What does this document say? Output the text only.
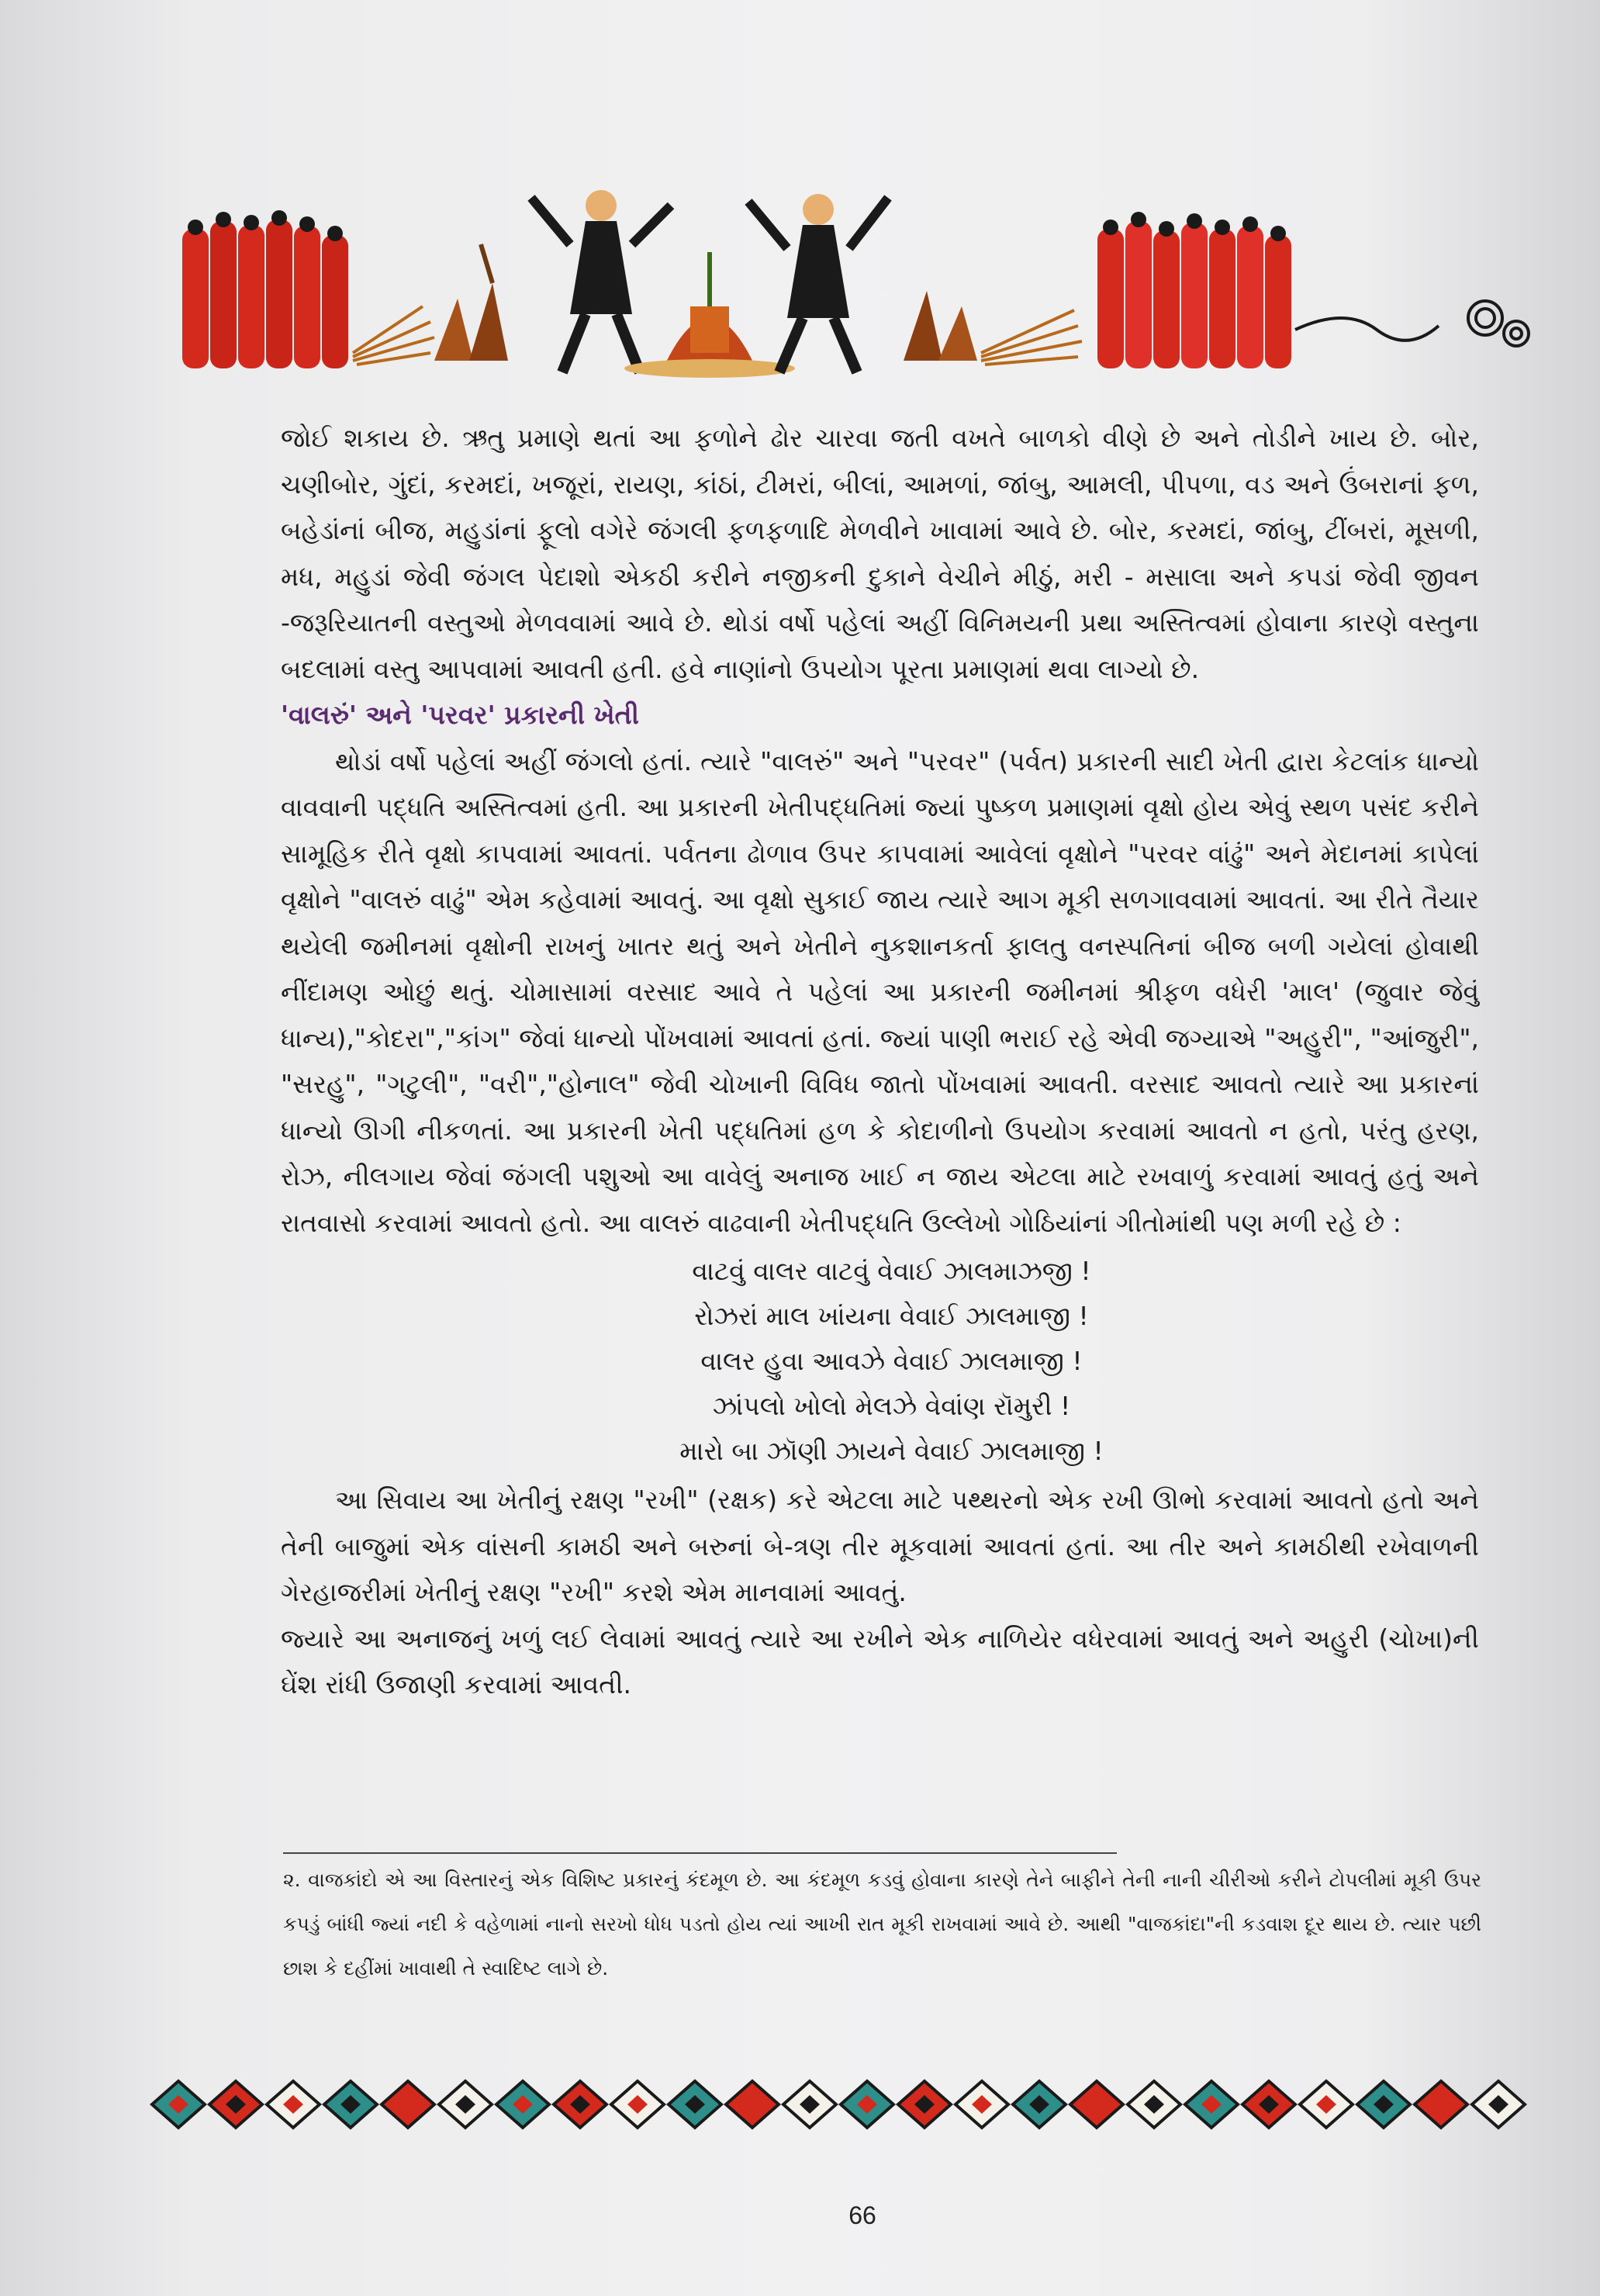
જોઈ શકાય છે. ઋતુ પ્રમાણે થતાં આ ફળોને ઢોર ચારવા જતી વખતે બાળકો વીણે છે અને તોડીને ખાય છે. બોર, ચણીબોર, ગુંદાં, કરમદાં, ખજૂરાં, રાયણ, કાંઠાં, ટીમરાં, બીલાં, આમળાં, જાંબુ, આમલી, પીપળા, વડ અને ઉંબરાનાં ફળ, બહેડાંનાં બીજ, મહુડાંનાં ફૂલો વગેરે જંગલી ફળફળાદિ મેળવીને ખાવામાં આવે છે. બોર, કરમદાં, જાંબુ, ટીંબરાં, મૂસળી, મધ, મહુડાં જેવી જંગલ પેદાશો એકઠી કરીને નજીકની દુકાને વેચીને મીઠું, મરી - મસાલા અને કપડાં જેવી જીવન -જરૂરિયાતની વસ્તુઓ મેળવવામાં આવે છે. થોડાં વર્ષો પહેલાં અહીં વિનિમયની પ્રથા અસ્તિત્વમાં હોવાના કારણે વસ્તુના બદલામાં વસ્તુ આપવામાં આવતી હતી. હવે નાણાંનો ઉપયોગ પૂરતા પ્રમાણમાં થવા લાગ્યો છે.

'વાલરું' અને 'પરવર' પ્રકારની ખેતી

થોડાં વર્ષો પહેલાં અહીં જંગલો હતાં. ત્યારે "વાલરું" અને "પરવર" (પર્વત) પ્રકારની સાદી ખેતી દ્વારા કેટલાંક ધાન્યો વાવવાની પદ્ધતિ અસ્તિત્વમાં હતી. આ પ્રકારની ખેતીપદ્ધતિમાં જ્યાં પુષ્કળ પ્રમાણમાં વૃક્ષો હોય એવું સ્થળ પસંદ કરીને સામૂહિક રીતે વૃક્ષો કાપવામાં આવતાં. પર્વતના ઢોળાવ ઉપર કાપવામાં આવેલાં વૃક્ષોને "પરવર વાંઢું" અને મેદાનમાં કાપેલાં વૃક્ષોને "વાલરું વાઢું" એમ કહેવામાં આવતું. આ વૃક્ષો સુકાઈ જાય ત્યારે આગ મૂકી સળગાવવામાં આવતાં. આ રીતે તૈયાર થયેલી જમીનમાં વૃક્ષોની રાખનું ખાતર થતું અને ખેતીને નુકશાનકર્તા ફાલતુ વનસ્પતિનાં બીજ બળી ગયેલાં હોવાથી નીંદામણ ઓછું થતું. ચોમાસામાં વરસાદ આવે તે પહેલાં આ પ્રકારની જમીનમાં શ્રીફળ વધેરી 'માલ' (જુવાર જેવું ધાન્ય),"કોદરા","કાંગ" જેવાં ધાન્યો પોંખવામાં આવતાં હતાં. જ્યાં પાણી ભરાઈ રહે એવી જગ્યાએ "અહુરી", "આંજુરી", "સરહુ", "ગટુલી", "વરી","હોનાલ" જેવી ચોખાની વિવિધ જાતો પોંખવામાં આવતી. વરસાદ આવતો ત્યારે આ પ્રકારનાં ધાન્યો ઊગી નીકળતાં. આ પ્રકારની ખેતી પદ્ધતિમાં હળ કે કોદાળીનો ઉપયોગ કરવામાં આવતો ન હતો, પરંતુ હરણ, રોઝ, નીલગાય જેવાં જંગલી પશુઓ આ વાવેલું અનાજ ખાઈ ન જાય એટલા માટે રખવાળું કરવામાં આવતું હતું અને રાતવાસો કરવામાં આવતો હતો. આ વાલરું વાઢવાની ખેતીપદ્ધતિ ઉલ્લેખો ગોઠિયાંનાં ગીતોમાંથી પણ મળી રહે છે :

વાટવું વાલર વાટવું વેવાઈ ઝાલમાઝજી !
રોઝરાં માલ ખાંયના વેવાઈ ઝાલમાજી !
વાલર હુવા આવઝે વેવાઈ ઝાલમાજી !
ઝાંપલો ખોલો મેલઝે વેવાંણ રૉમુરી !
મારો બા ઝૉણી ઝાયને વેવાઈ ઝાલમાજી !

આ સિવાય આ ખેતીનું રક્ષણ "રખી" (રક્ષક) કરે એટલા માટે પથ્થરનો એક રખી ઊભો કરવામાં આવતો હતો અને તેની બાજુમાં એક વાંસની કામઠી અને બરુનાં બે-ત્રણ તીર મૂકવામાં આવતાં હતાં. આ તીર અને કામઠીથી રખેવાળની ગેરહાજરીમાં ખેતીનું રક્ષણ "રખી" કરશે એમ માનવામાં આવતું.

જ્યારે આ અનાજનું ખળું લઈ લેવામાં આવતું ત્યારે આ રખીને એક નાળિયેર વધેરવામાં આવતું અને અહુરી (ચોખા)ની ઘેંશ રાંધી ઉજાણી કરવામાં આવતી.

૨. વાજકાંદો એ આ વિસ્તારનું એક વિશિષ્ટ પ્રકારનું કંદમૂળ છે. આ કંદમૂળ કડવું હોવાના કારણે તેને બાફીને તેની નાની ચીરીઓ કરીને ટોપલીમાં મૂકી ઉપર કપડું બાંધી જ્યાં નદી કે વહેળામાં નાનો સરખો ધોધ પડતો હોય ત્યાં આખી રાત મૂકી રાખવામાં આવે છે. આથી "વાજકાંદા"ની કડવાશ દૂર થાય છે. ત્યાર પછી છાશ કે દહીંમાં ખાવાથી તે સ્વાદિષ્ટ લાગે છે.
66
